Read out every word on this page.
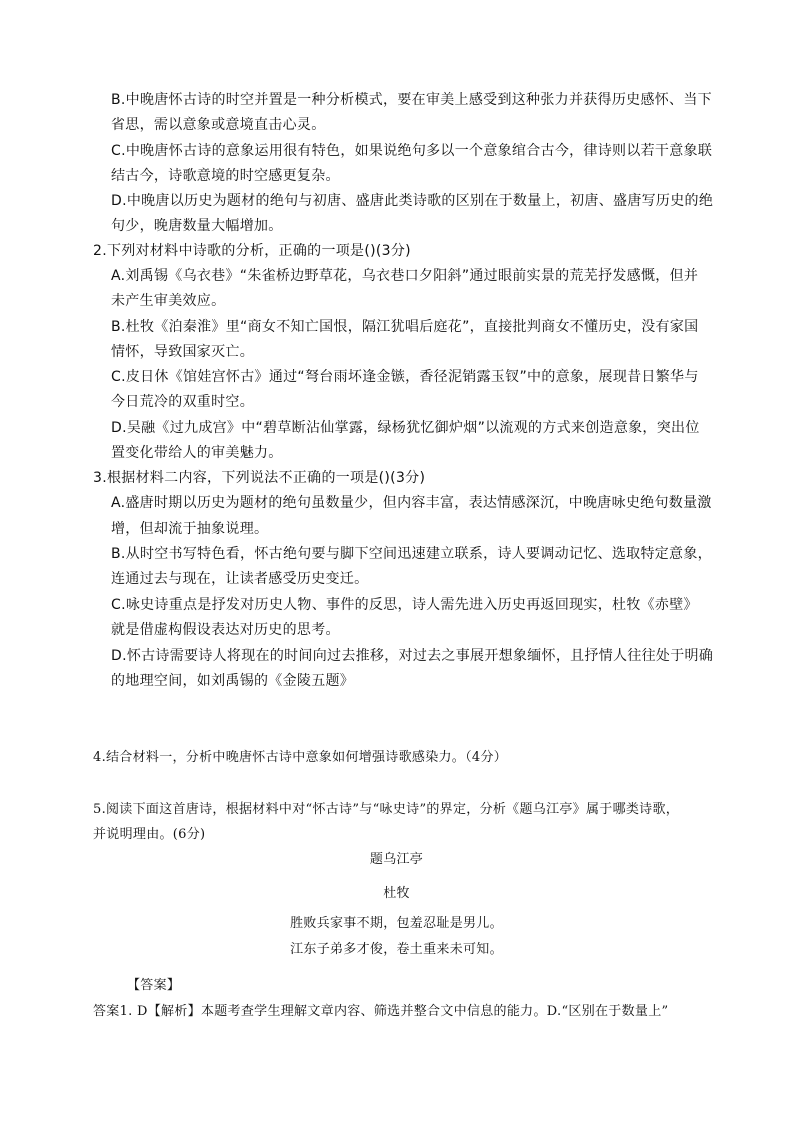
B.中晚唐怀古诗的时空并置是一种分析模式，要在审美上感受到这种张力并获得历史感怀、当下
省思，需以意象或意境直击心灵。
C.中晚唐怀古诗的意象运用很有特色，如果说绝句多以一个意象绾合古今，律诗则以若干意象联
结古今，诗歌意境的时空感更复杂。
D.中晚唐以历史为题材的绝句与初唐、盛唐此类诗歌的区别在于数量上，初唐、盛唐写历史的绝
句少，晚唐数量大幅增加。
2.下列对材料中诗歌的分析，正确的一项是()(3分)
A.刘禹锡《乌衣巷》“朱雀桥边野草花，乌衣巷口夕阳斜”通过眼前实景的荒芜抒发感慨，但并
未产生审美效应。
B.杜牧《泊秦淮》里“商女不知亡国恨，隔江犹唱后庭花”，直接批判商女不懂历史，没有家国
情怀，导致国家灭亡。
C.皮日休《馆娃宫怀古》通过“弩台雨坏逢金镞，香径泥销露玉钗”中的意象，展现昔日繁华与
今日荒冷的双重时空。
D.吴融《过九成宫》中“碧草断沾仙掌露，绿杨犹忆御炉烟”以流观的方式来创造意象，突出位
置变化带给人的审美魅力。
3.根据材料二内容，下列说法不正确的一项是()(3分)
A.盛唐时期以历史为题材的绝句虽数量少，但内容丰富，表达情感深沉，中晚唐咏史绝句数量激
增，但却流于抽象说理。
B.从时空书写特色看，怀古绝句要与脚下空间迅速建立联系，诗人要调动记忆、选取特定意象，
连通过去与现在，让读者感受历史变迁。
C.咏史诗重点是抒发对历史人物、事件的反思，诗人需先进入历史再返回现实，杜牧《赤壁》
就是借虚构假设表达对历史的思考。
D.怀古诗需要诗人将现在的时间向过去推移，对过去之事展开想象缅怀，且抒情人往往处于明确
的地理空间，如刘禹锡的《金陵五题》
4.结合材料一，分析中晚唐怀古诗中意象如何增强诗歌感染力。（4分）
5.阅读下面这首唐诗，根据材料中对“怀古诗”与“咏史诗”的界定，分析《题乌江亭》属于哪类诗歌，
并说明理由。(6分)
题乌江亭
杜牧
胜败兵家事不期，包羞忍耻是男儿。
江东子弟多才俊，卷土重来未可知。
【答案】
答案1. D【解析】本题考查学生理解文章内容、筛选并整合文中信息的能力。D.“区别在于数量上”
